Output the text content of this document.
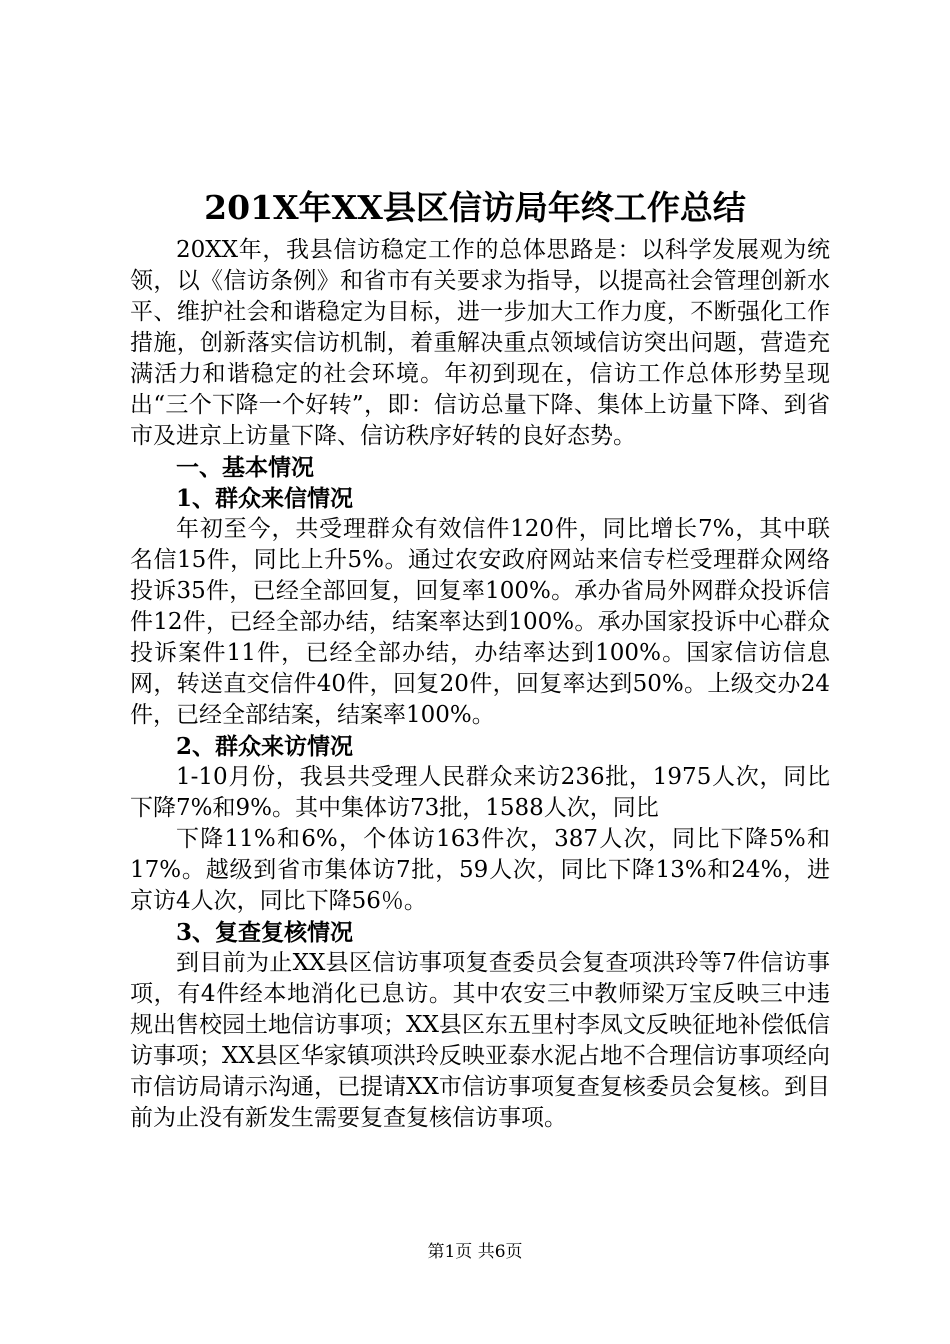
201X年XX县区信访局年终工作总结

20XX年，我县信访稳定工作的总体思路是：以科学发展观为统领，以《信访条例》和省市有关要求为指导，以提高社会管理创新水平、维护社会和谐稳定为目标，进一步加大工作力度，不断强化工作措施，创新落实信访机制，着重解决重点领域信访突出问题，营造充满活力和谐稳定的社会环境。年初到现在，信访工作总体形势呈现出“三个下降一个好转”，即：信访总量下降、集体上访量下降、到省市及进京上访量下降、信访秩序好转的良好态势。

一、基本情况

1、群众来信情况

年初至今，共受理群众有效信件120件，同比增长7%，其中联名信15件，同比上升5%。通过农安政府网站来信专栏受理群众网络投诉35件，已经全部回复，回复率100%。承办省局外网群众投诉信件12件，已经全部办结，结案率达到100%。承办国家投诉中心群众投诉案件11件，已经全部办结，办结率达到100%。国家信访信息网，转送直交信件40件，回复20件，回复率达到50%。上级交办24件，已经全部结案，结案率100%。

2、群众来访情况

1-10月份，我县共受理人民群众来访236批，1975人次，同比下降7%和9%。其中集体访73批，1588人次，同比

下降11%和6%，个体访163件次，387人次，同比下降5%和17%。越级到省市集体访7批，59人次，同比下降13%和24%，进京访4人次，同比下降56％。

3、复查复核情况

到目前为止XX县区信访事项复查委员会复查项洪玲等7件信访事项，有4件经本地消化已息访。其中农安三中教师梁万宝反映三中违规出售校园土地信访事项；XX县区东五里村李凤文反映征地补偿低信访事项；XX县区华家镇项洪玲反映亚泰水泥占地不合理信访事项经向市信访局请示沟通，已提请XX市信访事项复查复核委员会复核。到目前为止没有新发生需要复查复核信访事项。

第1页 共6页
